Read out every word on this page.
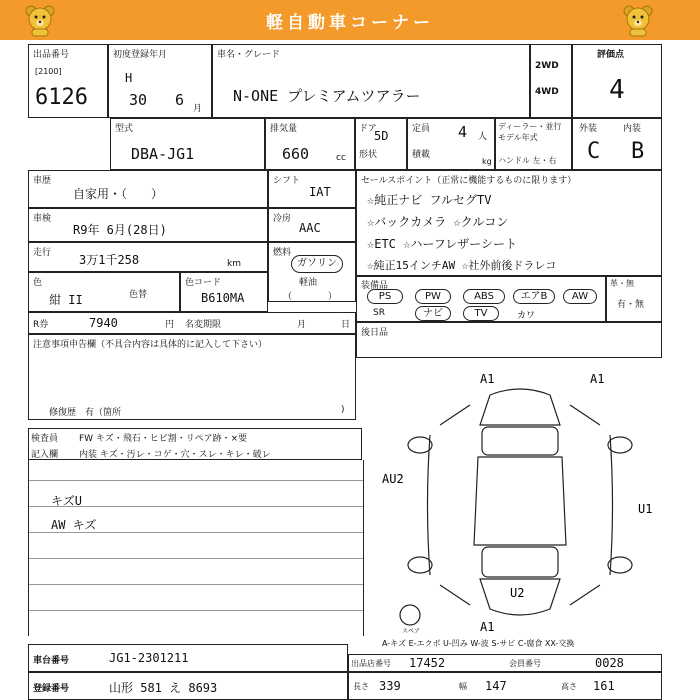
軽自動車コーナー
出品番号
[2100]
6126
初度登録年月
H
30 6 月
車名・グレード
N-ONE プレミアムツアラー
2WD
4WD
評価点
4
型式
DBA-JG1
排気量
660	cc
ドア
5D
形状
定員 4 人
積載
kg
ディーラー・並行
モデル年式
ハンドル 左・右
外装	内装
C B
車歴
自家用・（　　）
シフト
IAT
車検
R9年 6月(28日)
冷房
AAC
走行 3万1千258	km
燃料
ガソリン
軽油
（　　　　）
色
紺 II	色替
色コード
B610MA
R券	7940	円 名変期限	月	日
セールスポイント（正常に機能するものに限ります）
☆純正ナビ フルセグTV
☆バックカメラ ☆クルコン
☆ETC ☆ハーフレザーシート
☆純正15インチAW ☆社外前後ドラレコ
装備品
PS	PW	ABS	エアB	AW
SR	ナビ	TV	カワ
革・無
有・無
後日品
注意事項申告欄（不具合内容は具体的に記入して下さい）
修復歴　有（箇所	)
検査員
記入欄
FW キズ・飛石・ヒビ割・リペア跡・×要
内装 キズ・汚レ・コゲ・穴・スレ・キレ・破レ
キズU
AW キズ
A1	A1
AU2
U1
U2
A1
スペア
A-キズ E-エクボ U-凹み W-波 S-サビ C-腐食 XX-交換
車台番号	JG1-2301211
登録番号	山形 581 え 8693
出品店番号 17452	会員番号	0028
長さ 339	幅 147	高さ 161
